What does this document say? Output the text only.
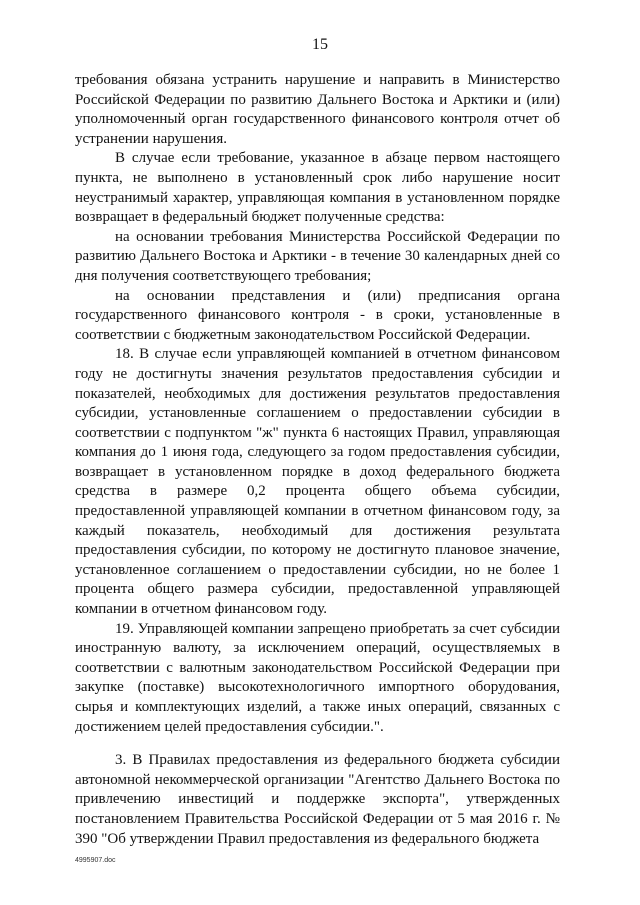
15

требования обязана устранить нарушение и направить в Министерство Российской Федерации по развитию Дальнего Востока и Арктики и (или) уполномоченный орган государственного финансового контроля отчет об устранении нарушения.

В случае если требование, указанное в абзаце первом настоящего пункта, не выполнено в установленный срок либо нарушение носит неустранимый характер, управляющая компания в установленном порядке возвращает в федеральный бюджет полученные средства:

на основании требования Министерства Российской Федерации по развитию Дальнего Востока и Арктики - в течение 30 календарных дней со дня получения соответствующего требования;

на основании представления и (или) предписания органа государственного финансового контроля - в сроки, установленные в соответствии с бюджетным законодательством Российской Федерации.

18. В случае если управляющей компанией в отчетном финансовом году не достигнуты значения результатов предоставления субсидии и показателей, необходимых для достижения результатов предоставления субсидии, установленные соглашением о предоставлении субсидии в соответствии с подпунктом "ж" пункта 6 настоящих Правил, управляющая компания до 1 июня года, следующего за годом предоставления субсидии, возвращает в установленном порядке в доход федерального бюджета средства в размере 0,2 процента общего объема субсидии, предоставленной управляющей компании в отчетном финансовом году, за каждый показатель, необходимый для достижения результата предоставления субсидии, по которому не достигнуто плановое значение, установленное соглашением о предоставлении субсидии, но не более 1 процента общего размера субсидии, предоставленной управляющей компании в отчетном финансовом году.

19. Управляющей компании запрещено приобретать за счет субсидии иностранную валюту, за исключением операций, осуществляемых в соответствии с валютным законодательством Российской Федерации при закупке (поставке) высокотехнологичного импортного оборудования, сырья и комплектующих изделий, а также иных операций, связанных с достижением целей предоставления субсидии.".

3. В Правилах предоставления из федерального бюджета субсидии автономной некоммерческой организации "Агентство Дальнего Востока по привлечению инвестиций и поддержке экспорта", утвержденных постановлением Правительства Российской Федерации от 5 мая 2016 г. № 390 "Об утверждении Правил предоставления из федерального бюджета

4995907.doc
